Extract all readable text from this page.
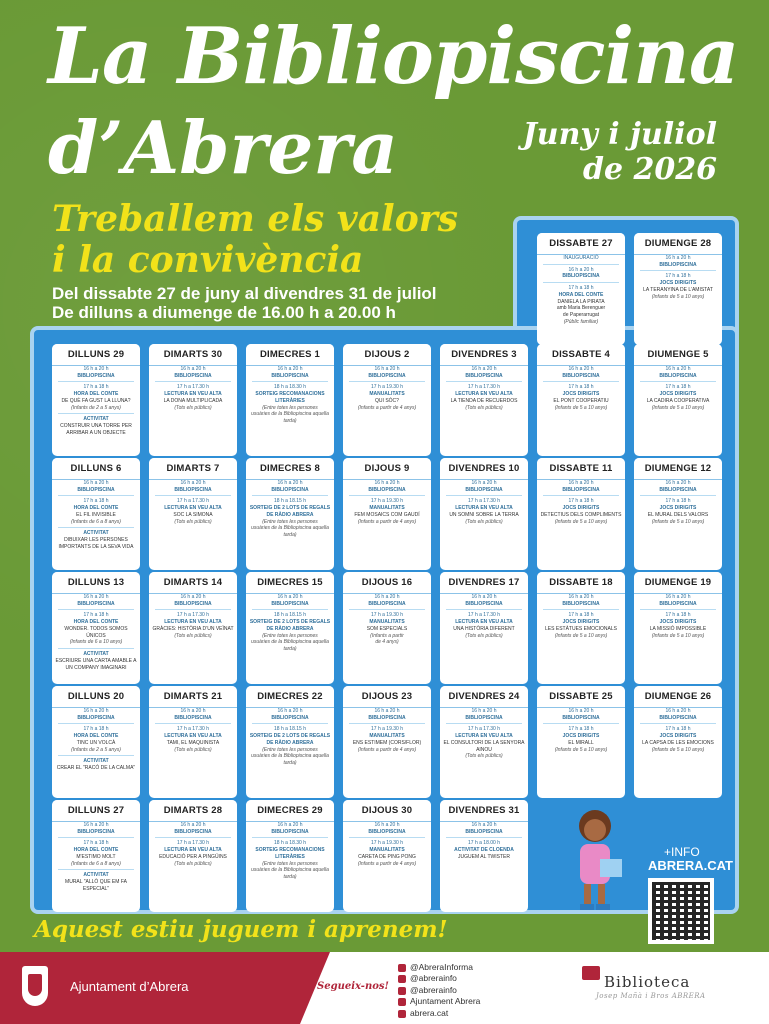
La Bibliopiscina
d’Abrera	Juny i juliol
de 2026
Treballem els valors
i la convivència
Del dissabte 27 de juny al divendres 31 de juliol
De dilluns a diumenge de 16.00 h a 20.00 h
DISSABTE 27
INAUGURACIÓ
16 h a 20 h
BIBLIOPISCINA
17 h a 18 h
HORA DEL CONTE
DANIELA LA PIRATA
amb Maria Berenguer
de Paperarrugat
(Públic familiar)
DIUMENGE 28
16 h a 20 h
BIBLIOPISCINA
17 h a 18 h
JOCS DIRIGITS
LA TERANYINA DE L’AMISTAT
(Infants de 5 a 10 anys)
DILLUNS 29
16 h a 20 h
BIBLIOPISCINA
17 h a 18 h
HORA DEL CONTE
DE QUÈ FA GUST LA LLUNA?
(Infants de 2 a 5 anys)
ACTIVITAT
CONSTRUIR UNA TORRE PER
ARRIBAR A UN OBJECTE
DIMARTS 30
16 h a 20 h
BIBLIOPISCINA
17 h a 17.30 h
LECTURA EN VEU ALTA
LA DONA MULTIPLICADA
(Tots els públics)
DIMECRES 1
16 h a 20 h
BIBLIOPISCINA
18 h a 18.30 h
SORTEIG RECOMANACIONS
LITERÀRIES
(Entre totes les persones
usuàries de la Bibliopiscina aquella
tarda)
DIJOUS 2
16 h a 20 h
BIBLIOPISCINA
17 h a 19.30 h
MANUALITATS
QUI SÓC?
(Infants a partir de 4 anys)
DIVENDRES 3
16 h a 20 h
BIBLIOPISCINA
17 h a 17.30 h
LECTURA EN VEU ALTA
LA TIENDA DE RECUERDOS
(Tots els públics)
DISSABTE 4
16 h a 20 h
BIBLIOPISCINA
17 h a 18 h
JOCS DIRIGITS
EL PONT COOPERATIU
(Infants de 5 a 10 anys)
DIUMENGE 5
16 h a 20 h
BIBLIOPISCINA
17 h a 18 h
JOCS DIRIGITS
LA CADIRA COOPERATIVA
(Infants de 5 a 10 anys)
DILLUNS 6
16 h a 20 h
BIBLIOPISCINA
17 h a 18 h
HORA DEL CONTE
EL FIL INVISIBLE
(Infants de 6 a 8 anys)
ACTIVITAT
DIBUIXAR LES PERSONES
IMPORTANTS DE LA SEVA VIDA
DIMARTS 7
16 h a 20 h
BIBLIOPISCINA
17 h a 17.30 h
LECTURA EN VEU ALTA
SOC LA SIMONA
(Tots els públics)
DIMECRES 8
16 h a 20 h
BIBLIOPISCINA
18 h a 18.15 h
SORTEIG DE 2 LOTS DE REGALS
DE RÀDIO ABRERA
(Entre totes les persones
usuàries de la Bibliopiscina aquella
tarda)
DIJOUS 9
16 h a 20 h
BIBLIOPISCINA
17 h a 19.30 h
MANUALITATS
FEM MOSAICS COM GAUDÍ
(Infants a partir de 4 anys)
DIVENDRES 10
16 h a 20 h
BIBLIOPISCINA
17 h a 17.30 h
LECTURA EN VEU ALTA
UN SOMNI SOBRE LA TERRA
(Tots els públics)
DISSABTE 11
16 h a 20 h
BIBLIOPISCINA
17 h a 18 h
JOCS DIRIGITS
DETECTIUS DELS COMPLIMENTS
(Infants de 5 a 10 anys)
DIUMENGE 12
16 h a 20 h
BIBLIOPISCINA
17 h a 18 h
JOCS DIRIGITS
EL MURAL DELS VALORS
(Infants de 5 a 10 anys)
DILLUNS 13
16 h a 20 h
BIBLIOPISCINA
17 h a 18 h
HORA DEL CONTE
WONDER. TODOS SOMOS ÚNICOS
(Infants de 6 a 10 anys)
ACTIVITAT
ESCRIURE UNA CARTA AMABLE A
UN COMPANY IMAGINARI
DIMARTS 14
16 h a 20 h
BIBLIOPISCINA
17 h a 17.30 h
LECTURA EN VEU ALTA
GRÀCIES: HISTÒRIA D’UN VEÏNAT
(Tots els públics)
DIMECRES 15
16 h a 20 h
BIBLIOPISCINA
18 h a 18.15 h
SORTEIG DE 2 LOTS DE REGALS
DE RÀDIO ABRERA
(Entre totes les persones
usuàries de la Bibliopiscina aquella
tarda)
DIJOUS 16
16 h a 20 h
BIBLIOPISCINA
17 h a 19.30 h
MANUALITATS
SOM ESPECIALS
(Infants a partir
de 4 anys)
DIVENDRES 17
16 h a 20 h
BIBLIOPISCINA
17 h a 17.30 h
LECTURA EN VEU ALTA
UNA HISTÒRIA DIFERENT
(Tots els públics)
DISSABTE 18
16 h a 20 h
BIBLIOPISCINA
17 h a 18 h
JOCS DIRIGITS
LES ESTÀTUES EMOCIONALS
(Infants de 5 a 10 anys)
DIUMENGE 19
16 h a 20 h
BIBLIOPISCINA
17 h a 18 h
JOCS DIRIGITS
LA MISSIÓ IMPOSSIBLE
(Infants de 5 a 10 anys)
DILLUNS 20
16 h a 20 h
BIBLIOPISCINA
17 h a 18 h
HORA DEL CONTE
TINC UN VOLCÀ
(Infants de 2 a 5 anys)
ACTIVITAT
CREAR EL "RACÓ DE LA CALMA"
DIMARTS 21
16 h a 20 h
BIBLIOPISCINA
17 h a 17.30 h
LECTURA EN VEU ALTA
TAMI, EL MAQUINISTA
(Tots els públics)
DIMECRES 22
16 h a 20 h
BIBLIOPISCINA
18 h a 18.15 h
SORTEIG DE 2 LOTS DE REGALS
DE RÀDIO ABRERA
(Entre totes les persones
usuàries de la Bibliopiscina aquella
tarda)
DIJOUS 23
16 h a 20 h
BIBLIOPISCINA
17 h a 19.30 h
MANUALITATS
ENS ESTIMEM (CORS/FLOR)
(Infants a partir de 4 anys)
DIVENDRES 24
16 h a 20 h
BIBLIOPISCINA
17 h a 17.30 h
LECTURA EN VEU ALTA
EL CONSULTORI DE LA SENYORA
AINOU
(Tots els públics)
DISSABTE 25
16 h a 20 h
BIBLIOPISCINA
17 h a 18 h
JOCS DIRIGITS
EL MIRALL
(Infants de 5 a 10 anys)
DIUMENGE 26
16 h a 20 h
BIBLIOPISCINA
17 h a 18 h
JOCS DIRIGITS
LA CAPSA DE LES EMOCIONS
(Infants de 5 a 10 anys)
DILLUNS 27
16 h a 20 h
BIBLIOPISCINA
17 h a 18 h
HORA DEL CONTE
M'ESTIMO MOLT
(Infants de 6 a 8 anys)
ACTIVITAT
MURAL "ALLÒ QUE EM FA
ESPECIAL"
DIMARTS 28
16 h a 20 h
BIBLIOPISCINA
17 h a 17.30 h
LECTURA EN VEU ALTA
EDUCACIÓ PER A PINGÜINS
(Tots els públics)
DIMECRES 29
16 h a 20 h
BIBLIOPISCINA
18 h a 18.30 h
SORTEIG RECOMANACIONS
LITERÀRIES
(Entre totes les persones
usuàries de la Bibliopiscina aquella
tarda)
DIJOUS 30
16 h a 20 h
BIBLIOPISCINA
17 h a 19.30 h
MANUALITATS
CARETA DE PING PONG
(Infants a partir de 4 anys)
DIVENDRES 31
16 h a 20 h
BIBLIOPISCINA
17 h a 18.00 h
ACTIVITAT DE CLOENDA
JUGUEM AL TWISTER	+INFO
ABRERA.CAT
Aquest estiu juguem i aprenem!
Ajuntament d’Abrera	Segueix-nos!
@AbreraInforma
@abrerainfo
@abrerainfo
Ajuntament Abrera
abrera.cat
Biblioteca
Josep Mañà i Bros ABRERA
